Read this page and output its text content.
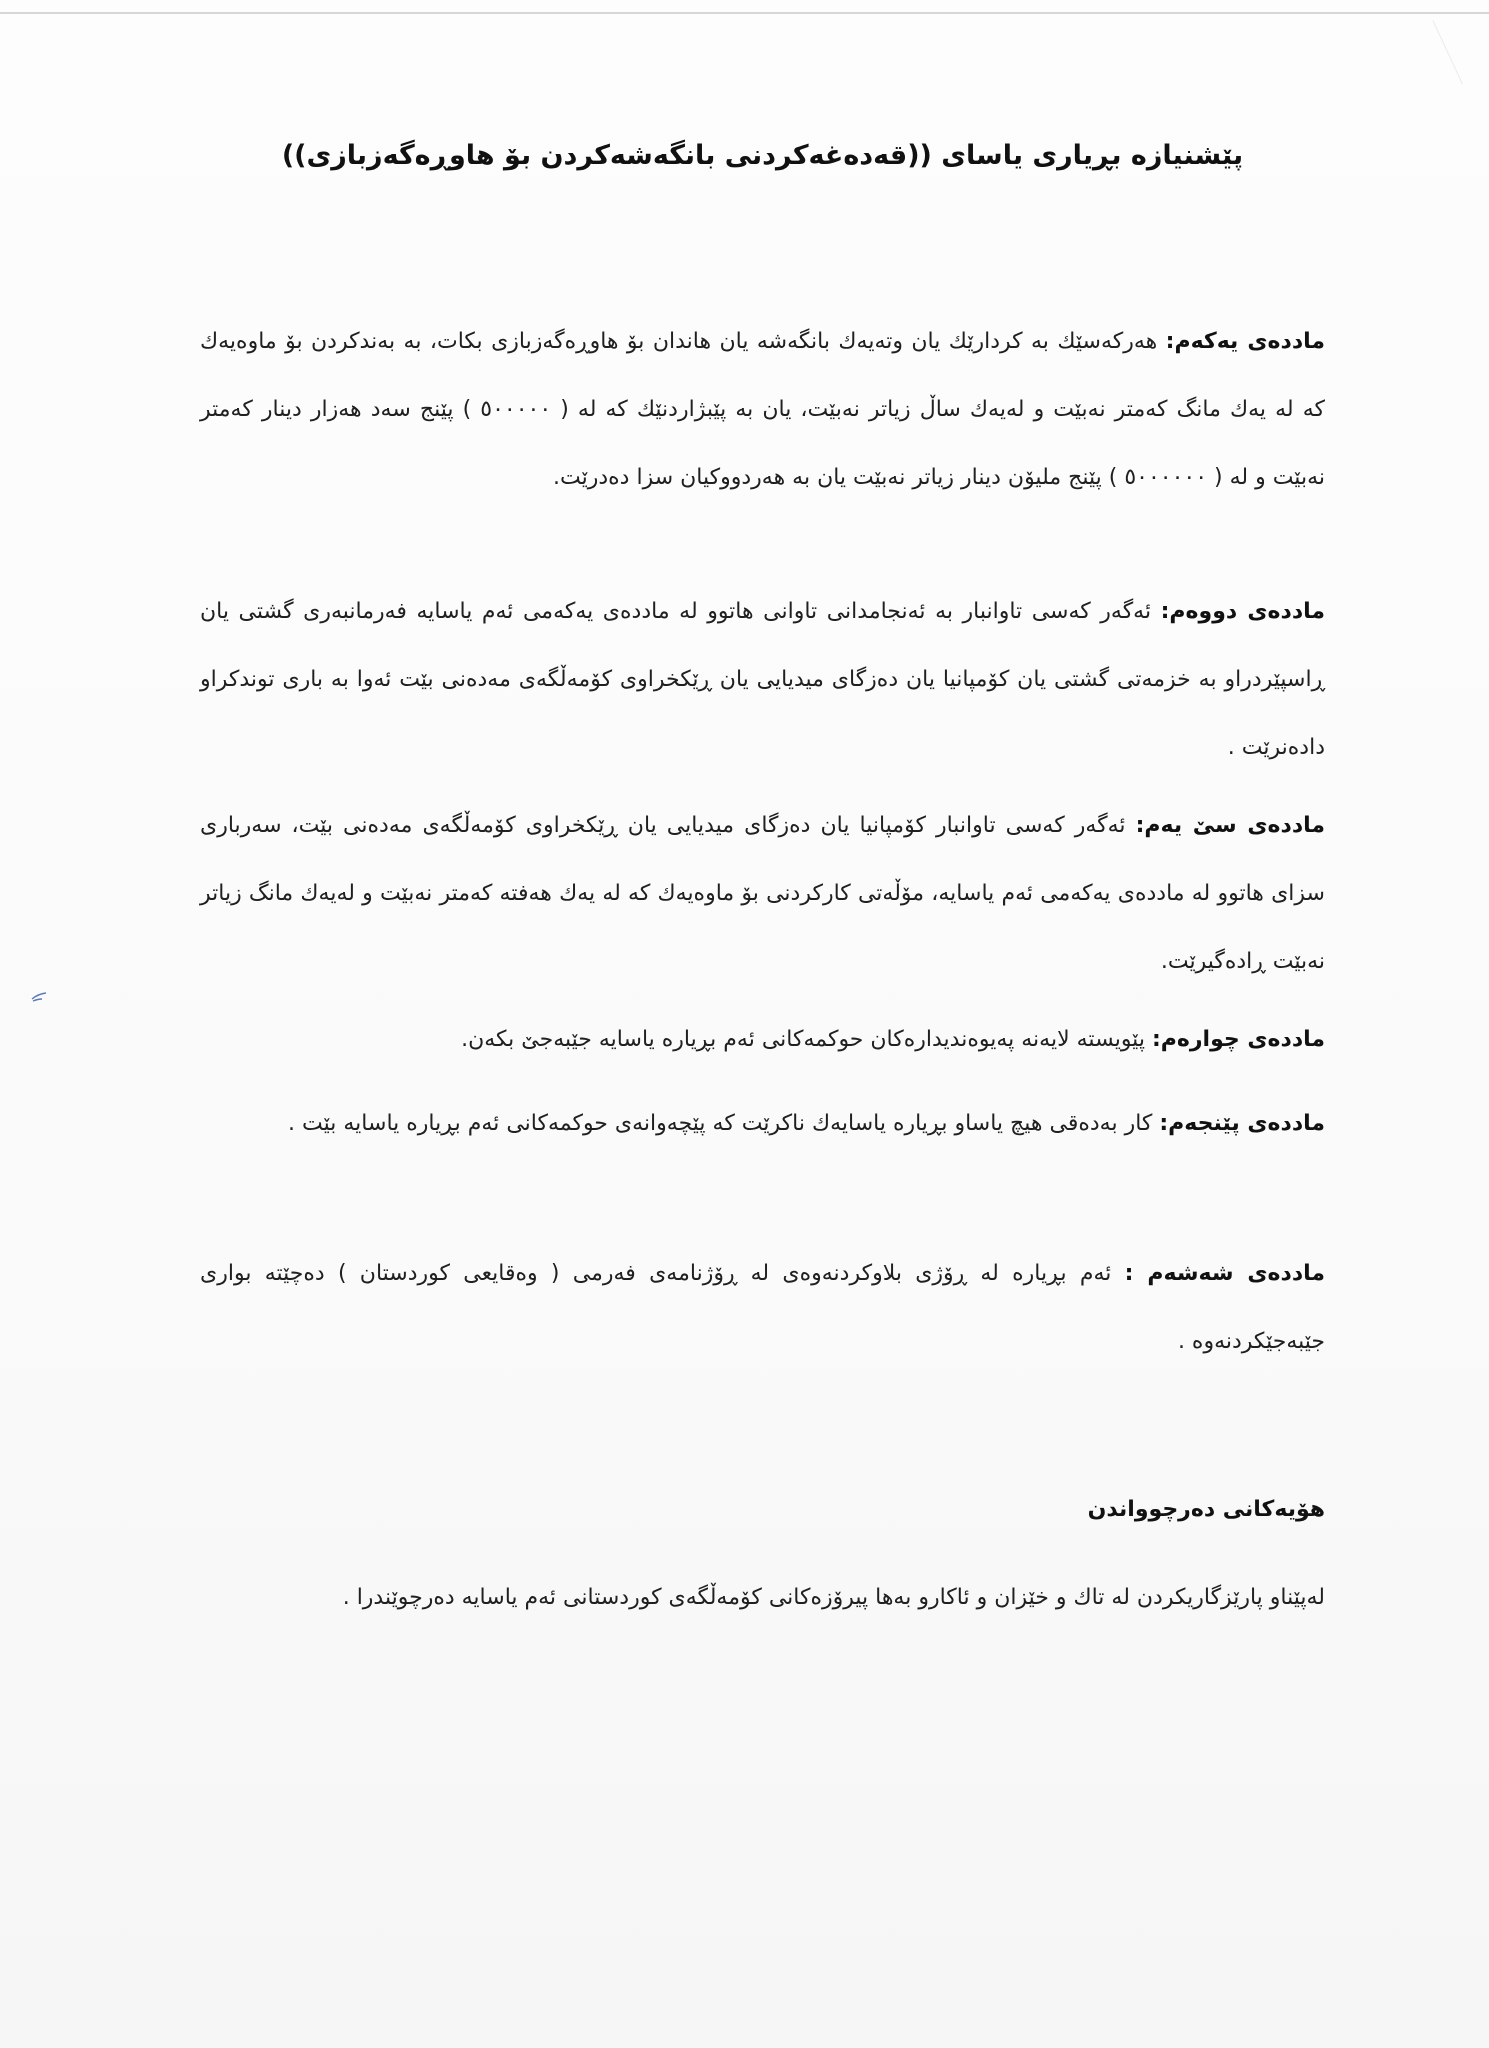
پێشنیازە بڕیاری یاسای ((قەدەغەکردنی بانگەشەکردن بۆ هاوڕەگەزبازی))
ماددەی یەکەم: هەرکەسێك بە کردارێك یان وتەیەك بانگەشە یان هاندان بۆ هاوڕەگەزبازی بکات، بە بەندکردن بۆ ماوەیەك کە لە یەك مانگ کەمتر نەبێت و لەیەك ساڵ زیاتر نەبێت، یان بە پێبژاردنێك کە لە ( ٥٠٠٠٠٠ ) پێنج سەد هەزار دینار کەمتر نەبێت و لە ( ٥٠٠٠٠٠٠ ) پێنج ملیۆن دینار زیاتر نەبێت یان بە هەردووکیان سزا دەدرێت.
ماددەی دووەم: ئەگەر کەسی تاوانبار بە ئەنجامدانی تاوانی هاتوو لە ماددەی یەکەمی ئەم یاسایە فەرمانبەری گشتی یان ڕاسپێردراو بە خزمەتی گشتی یان کۆمپانیا یان دەزگای میدیایی یان ڕێکخراوی کۆمەڵگەی مەدەنی بێت ئەوا بە باری توندکراو دادەنرێت .
ماددەی سێ یەم: ئەگەر کەسی تاوانبار کۆمپانیا یان دەزگای میدیایی یان ڕێکخراوی کۆمەڵگەی مەدەنی بێت، سەرباری سزای هاتوو لە ماددەی یەکەمی ئەم یاسایە، مۆڵەتی کارکردنی بۆ ماوەیەك کە لە یەك هەفتە کەمتر نەبێت و لەیەك مانگ زیاتر نەبێت ڕادەگیرێت.
ماددەی چوارەم: پێویستە لایەنە پەیوەندیدارەکان حوکمەکانی ئەم بڕیارە یاسایە جێبەجێ بکەن.
ماددەی پێنجەم: کار بەدەقی هیچ یاساو بڕیارە یاسایەك ناکرێت کە پێچەوانەی حوکمەکانی ئەم بڕیارە یاسایە بێت .
ماددەی شەشەم : ئەم بڕیارە لە ڕۆژی بلاوکردنەوەی لە ڕۆژنامەی فەرمی ( وەقایعی کوردستان ) دەچێتە بواری جێبەجێکردنەوە .
هۆیەکانی دەرچوواندن
لەپێناو پارێزگاریکردن لە تاك و خێزان و ئاکارو بەها پیرۆزەکانی کۆمەڵگەی کوردستانی ئەم یاسایە دەرچوێندرا .
